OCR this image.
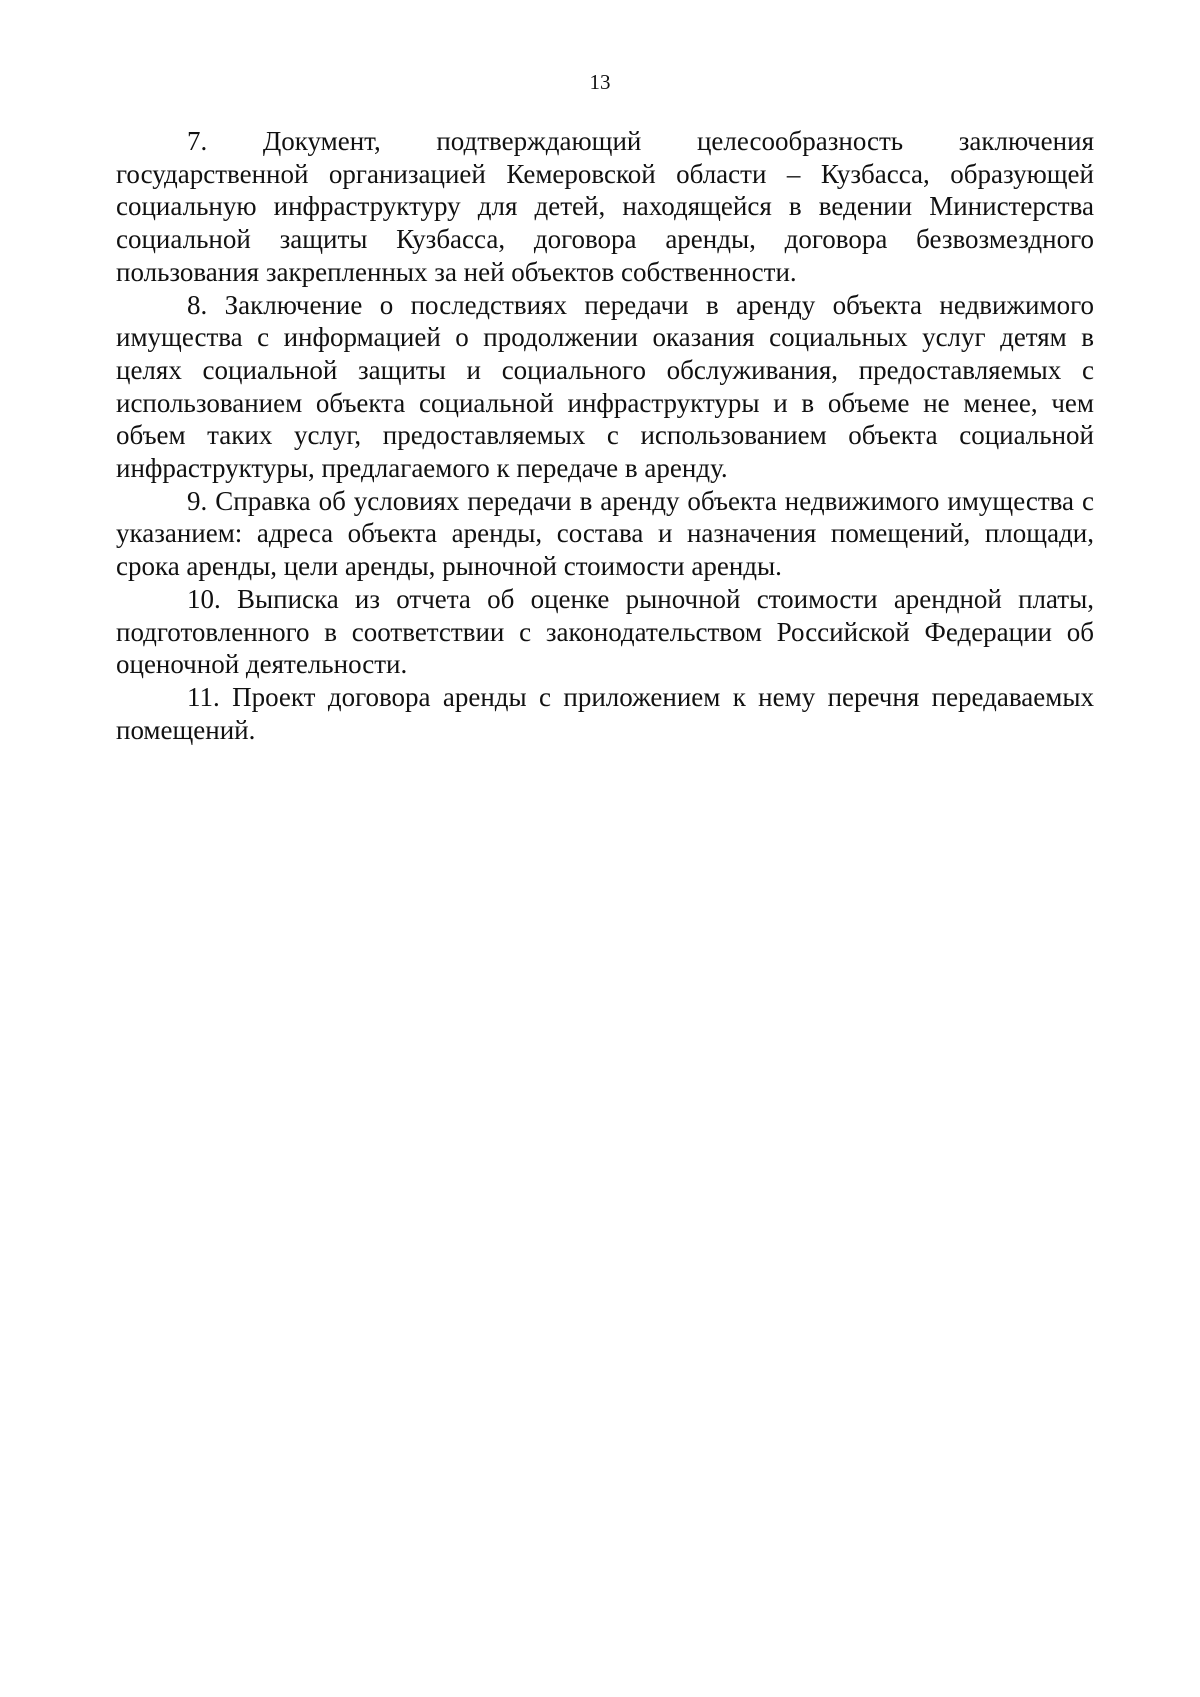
13

7. Документ, подтверждающий целесообразность заключения государственной организацией Кемеровской области – Кузбасса, образующей социальную инфраструктуру для детей, находящейся в ведении Министерства социальной защиты Кузбасса, договора аренды, договора безвозмездного пользования закрепленных за ней объектов собственности.

8. Заключение о последствиях передачи в аренду объекта недвижимого имущества с информацией о продолжении оказания социальных услуг детям в целях социальной защиты и социального обслуживания, предоставляемых с использованием объекта социальной инфраструктуры и в объеме не менее, чем объем таких услуг, предоставляемых с использованием объекта социальной инфраструктуры, предлагаемого к передаче в аренду.

9. Справка об условиях передачи в аренду объекта недвижимого имущества с указанием: адреса объекта аренды, состава и назначения помещений, площади, срока аренды, цели аренды, рыночной стоимости аренды.

10. Выписка из отчета об оценке рыночной стоимости арендной платы, подготовленного в соответствии с законодательством Российской Федерации об оценочной деятельности.

11. Проект договора аренды с приложением к нему перечня передаваемых помещений.
